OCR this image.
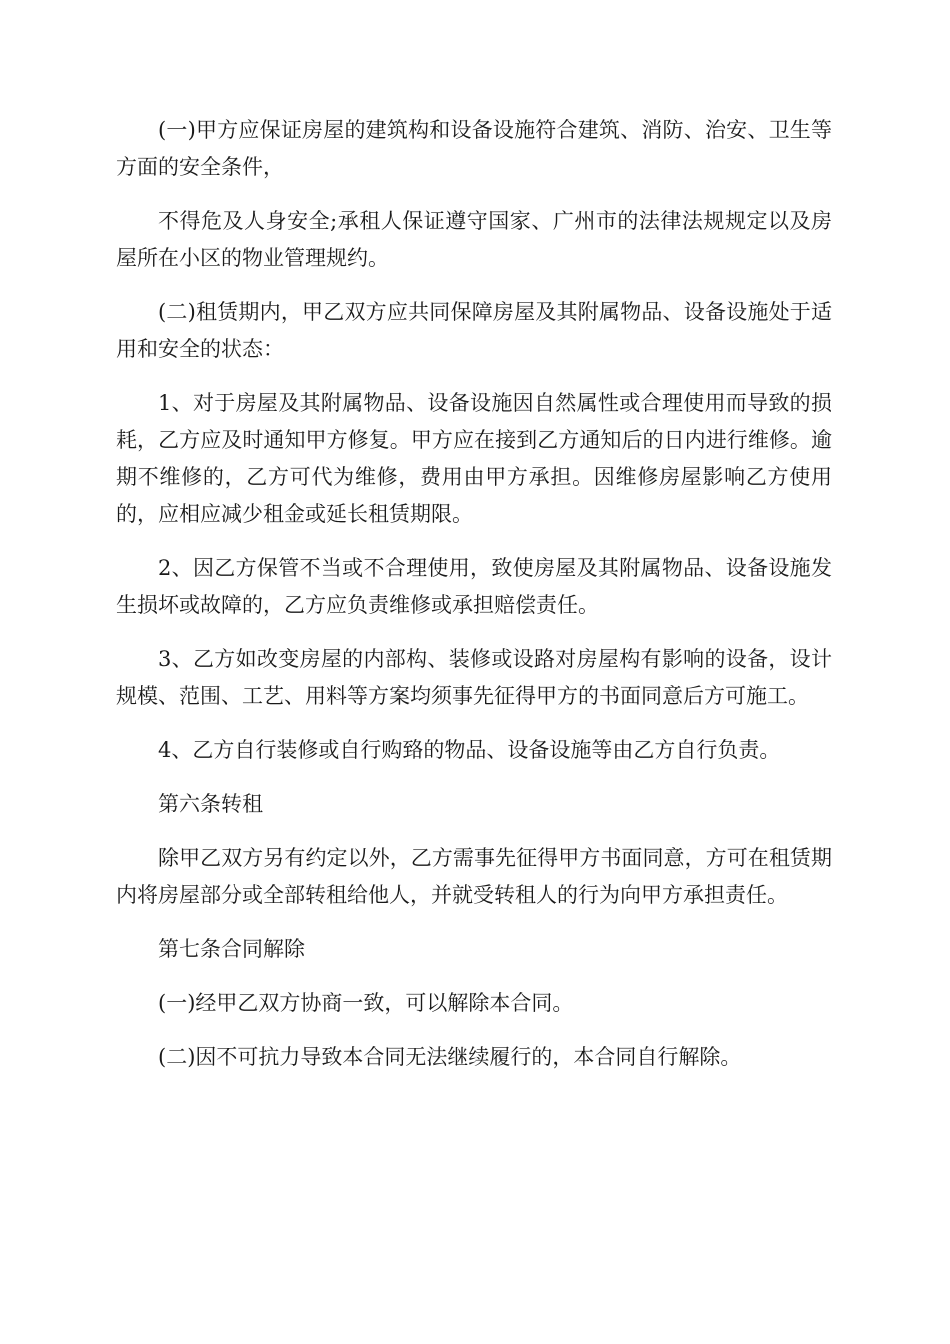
(一)甲方应保证房屋的建筑构和设备设施符合建筑、消防、治安、卫生等方面的安全条件，

不得危及人身安全;承租人保证遵守国家、广州市的法律法规规定以及房屋所在小区的物业管理规约。

(二)租赁期内，甲乙双方应共同保障房屋及其附属物品、设备设施处于适用和安全的状态：

1、对于房屋及其附属物品、设备设施因自然属性或合理使用而导致的损耗，乙方应及时通知甲方修复。甲方应在接到乙方通知后的日内进行维修。逾期不维修的，乙方可代为维修，费用由甲方承担。因维修房屋影响乙方使用的，应相应减少租金或延长租赁期限。

2、因乙方保管不当或不合理使用，致使房屋及其附属物品、设备设施发生损坏或故障的，乙方应负责维修或承担赔偿责任。

3、乙方如改变房屋的内部构、装修或设路对房屋构有影响的设备，设计规模、范围、工艺、用料等方案均须事先征得甲方的书面同意后方可施工。

4、乙方自行装修或自行购臵的物品、设备设施等由乙方自行负责。

第六条转租

除甲乙双方另有约定以外，乙方需事先征得甲方书面同意，方可在租赁期内将房屋部分或全部转租给他人，并就受转租人的行为向甲方承担责任。

第七条合同解除

(一)经甲乙双方协商一致，可以解除本合同。

(二)因不可抗力导致本合同无法继续履行的，本合同自行解除。
